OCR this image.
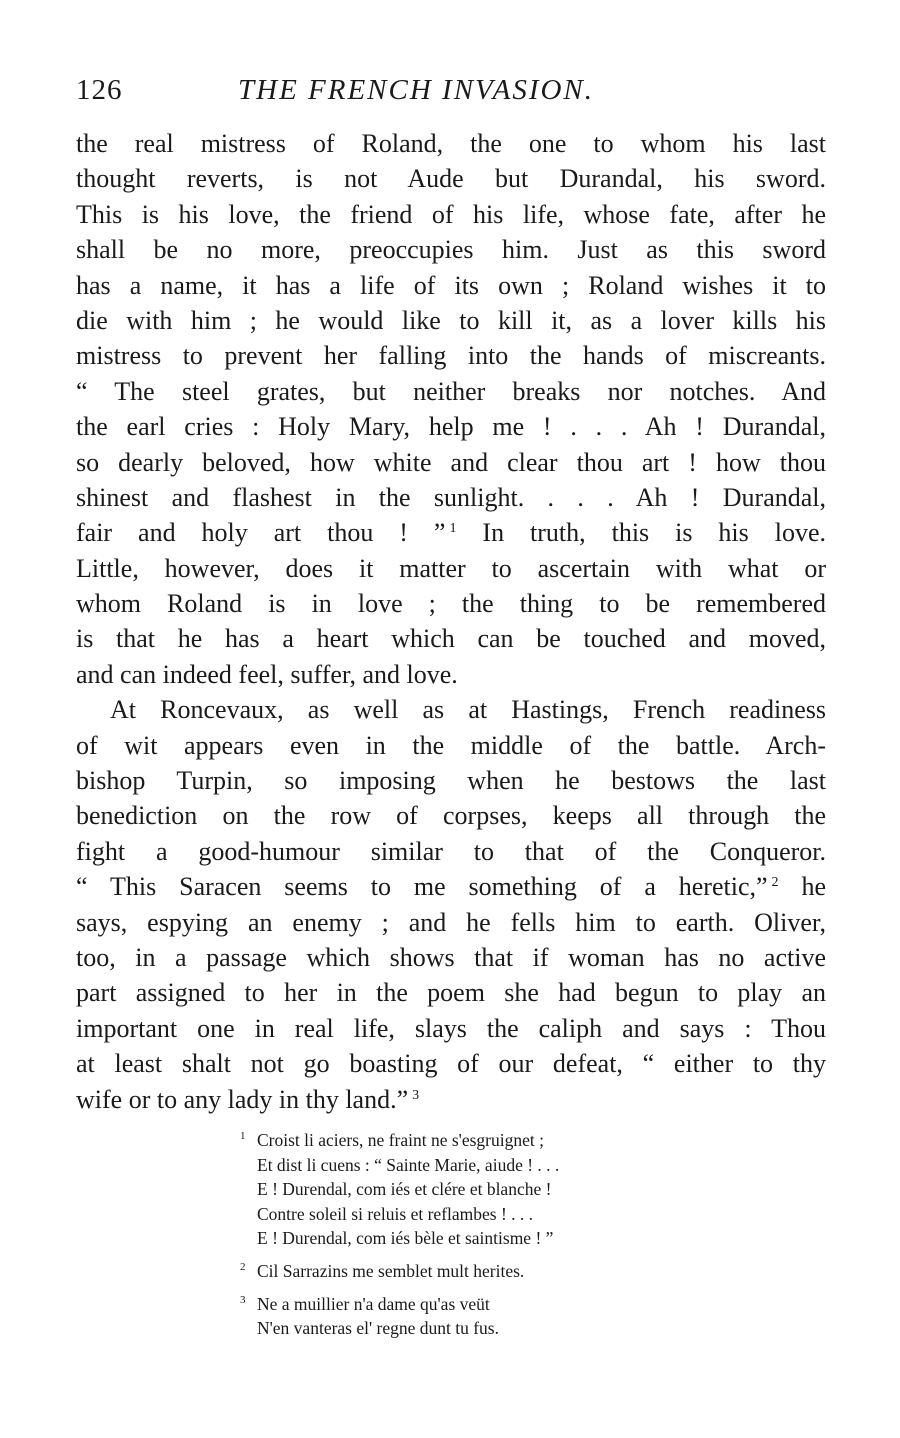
126	THE FRENCH INVASION.
the real mistress of Roland, the one to whom his last
thought reverts, is not Aude but Durandal, his sword.
This is his love, the friend of his life, whose fate, after he
shall be no more, preoccupies him. Just as this sword
has a name, it has a life of its own ; Roland wishes it to
die with him ; he would like to kill it, as a lover kills his
mistress to prevent her falling into the hands of miscreants.
“ The steel grates, but neither breaks nor notches. And
the earl cries : Holy Mary, help me ! . . . Ah ! Durandal,
so dearly beloved, how white and clear thou art ! how thou
shinest and flashest in the sunlight. . . . Ah ! Durandal,
fair and holy art thou ! ” $^1$ In truth, this is his love.
Little, however, does it matter to ascertain with what or
whom Roland is in love ; the thing to be remembered
is that he has a heart which can be touched and moved,
and can indeed feel, suffer, and love.
At Roncevaux, as well as at Hastings, French readiness
of wit appears even in the middle of the battle. Arch-
bishop Turpin, so imposing when he bestows the last
benediction on the row of corpses, keeps all through the
fight a good-humour similar to that of the Conqueror.
“ This Saracen seems to me something of a heretic,” $^2$ he
says, espying an enemy ; and he fells him to earth. Oliver,
too, in a passage which shows that if woman has no active
part assigned to her in the poem she had begun to play an
important one in real life, slays the caliph and says : Thou
at least shalt not go boasting of our defeat, “ either to thy
wife or to any lady in thy land.” $^3$
1 Croist li aciers, ne fraint ne s'esgruignet ;
Et dist li cuens : “ Sainte Marie, aiude ! . . .
E ! Durendal, com iés et clére et blanche !
Contre soleil si reluis et reflambes ! . . .
E ! Durendal, com iés bèle et saintisme ! ”
2 Cil Sarrazins me semblet mult herites.
3 Ne a muillier n'a dame qu'as veüt
N'en vanteras el' regne dunt tu fus.
